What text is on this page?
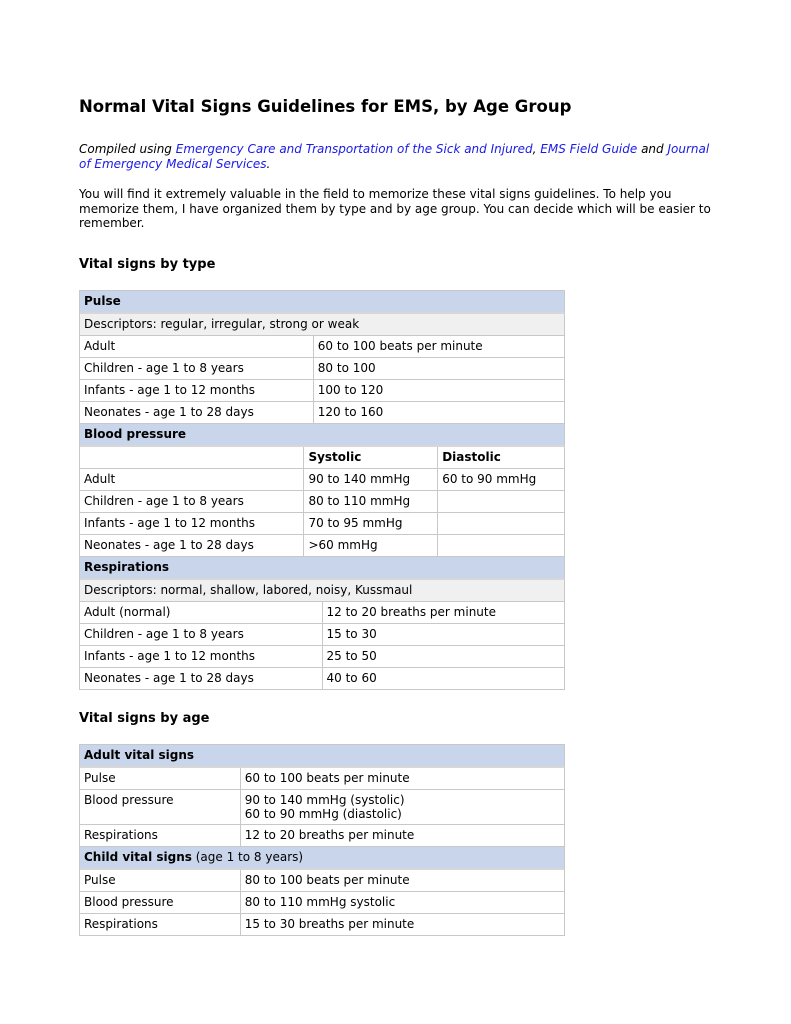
Normal Vital Signs Guidelines for EMS, by Age Group

Compiled using Emergency Care and Transportation of the Sick and Injured, EMS Field Guide and Journal of Emergency Medical Services.

You will find it extremely valuable in the field to memorize these vital signs guidelines. To help you memorize them, I have organized them by type and by age group. You can decide which will be easier to remember.

Vital signs by type
Pulse	
Descriptors: regular, irregular, strong or weak	
Adult	60 to 100 beats per minute
Children - age 1 to 8 years	80 to 100
Infants - age 1 to 12 months	100 to 120
Neonates - age 1 to 28 days	120 to 160
Blood pressure	
	Systolic	Diastolic
Adult	90 to 140 mmHg	60 to 90 mmHg
Children - age 1 to 8 years	80 to 110 mmHg	
Infants - age 1 to 12 months	70 to 95 mmHg	
Neonates - age 1 to 28 days	>60 mmHg	
Respirations	
Descriptors: normal, shallow, labored, noisy, Kussmaul	
Adult (normal)	12 to 20 breaths per minute
Children - age 1 to 8 years	15 to 30
Infants - age 1 to 12 months	25 to 50
Neonates - age 1 to 28 days	40 to 60
Vital signs by age
Adult vital signs	
Pulse	60 to 100 beats per minute
Blood pressure	90 to 140 mmHg (systolic)
60 to 90 mmHg (diastolic)

Respirations	12 to 20 breaths per minute
Child vital signs (age 1 to 8 years)	
Pulse	80 to 100 beats per minute
Blood pressure	80 to 110 mmHg systolic
Respirations	15 to 30 breaths per minute
